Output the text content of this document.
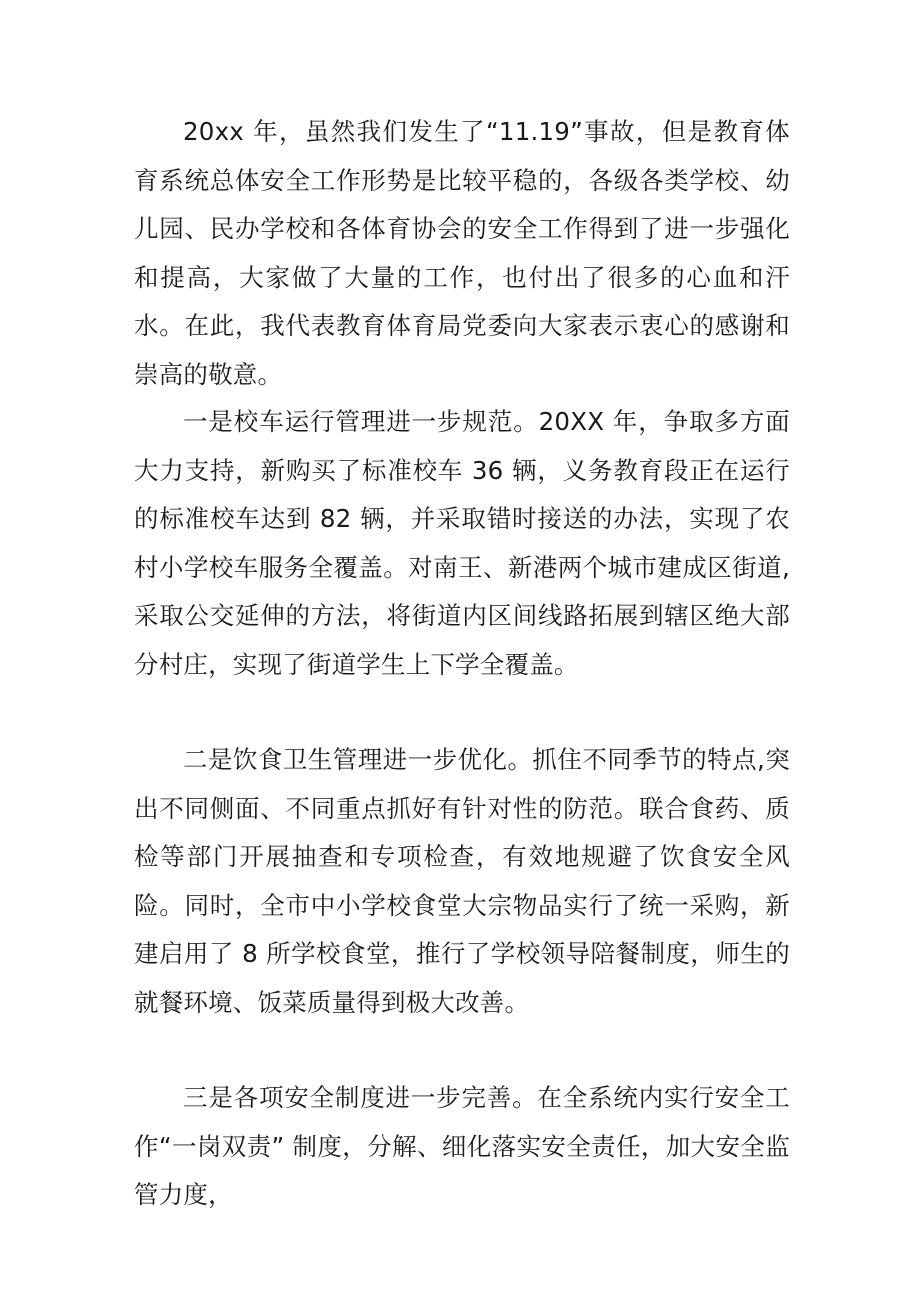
20xx 年，虽然我们发生了“11.19”事故，但是教育体育系统总体安全工作形势是比较平稳的，各级各类学校、幼儿园、民办学校和各体育协会的安全工作得到了进一步强化和提高，大家做了大量的工作，也付出了很多的心血和汗水。在此，我代表教育体育局党委向大家表示衷心的感谢和崇高的敬意。

一是校车运行管理进一步规范。20XX 年，争取多方面大力支持，新购买了标准校车 36 辆，义务教育段正在运行的标准校车达到 82 辆，并采取错时接送的办法，实现了农村小学校车服务全覆盖。对南王、新港两个城市建成区街道,采取公交延伸的方法，将街道内区间线路拓展到辖区绝大部分村庄，实现了街道学生上下学全覆盖。

二是饮食卫生管理进一步优化。抓住不同季节的特点,突出不同侧面、不同重点抓好有针对性的防范。联合食药、质检等部门开展抽查和专项检查，有效地规避了饮食安全风险。同时，全市中小学校食堂大宗物品实行了统一采购，新建启用了 8 所学校食堂，推行了学校领导陪餐制度，师生的就餐环境、饭菜质量得到极大改善。

三是各项安全制度进一步完善。在全系统内实行安全工作“一岗双责” 制度，分解、细化落实安全责任，加大安全监管力度，
